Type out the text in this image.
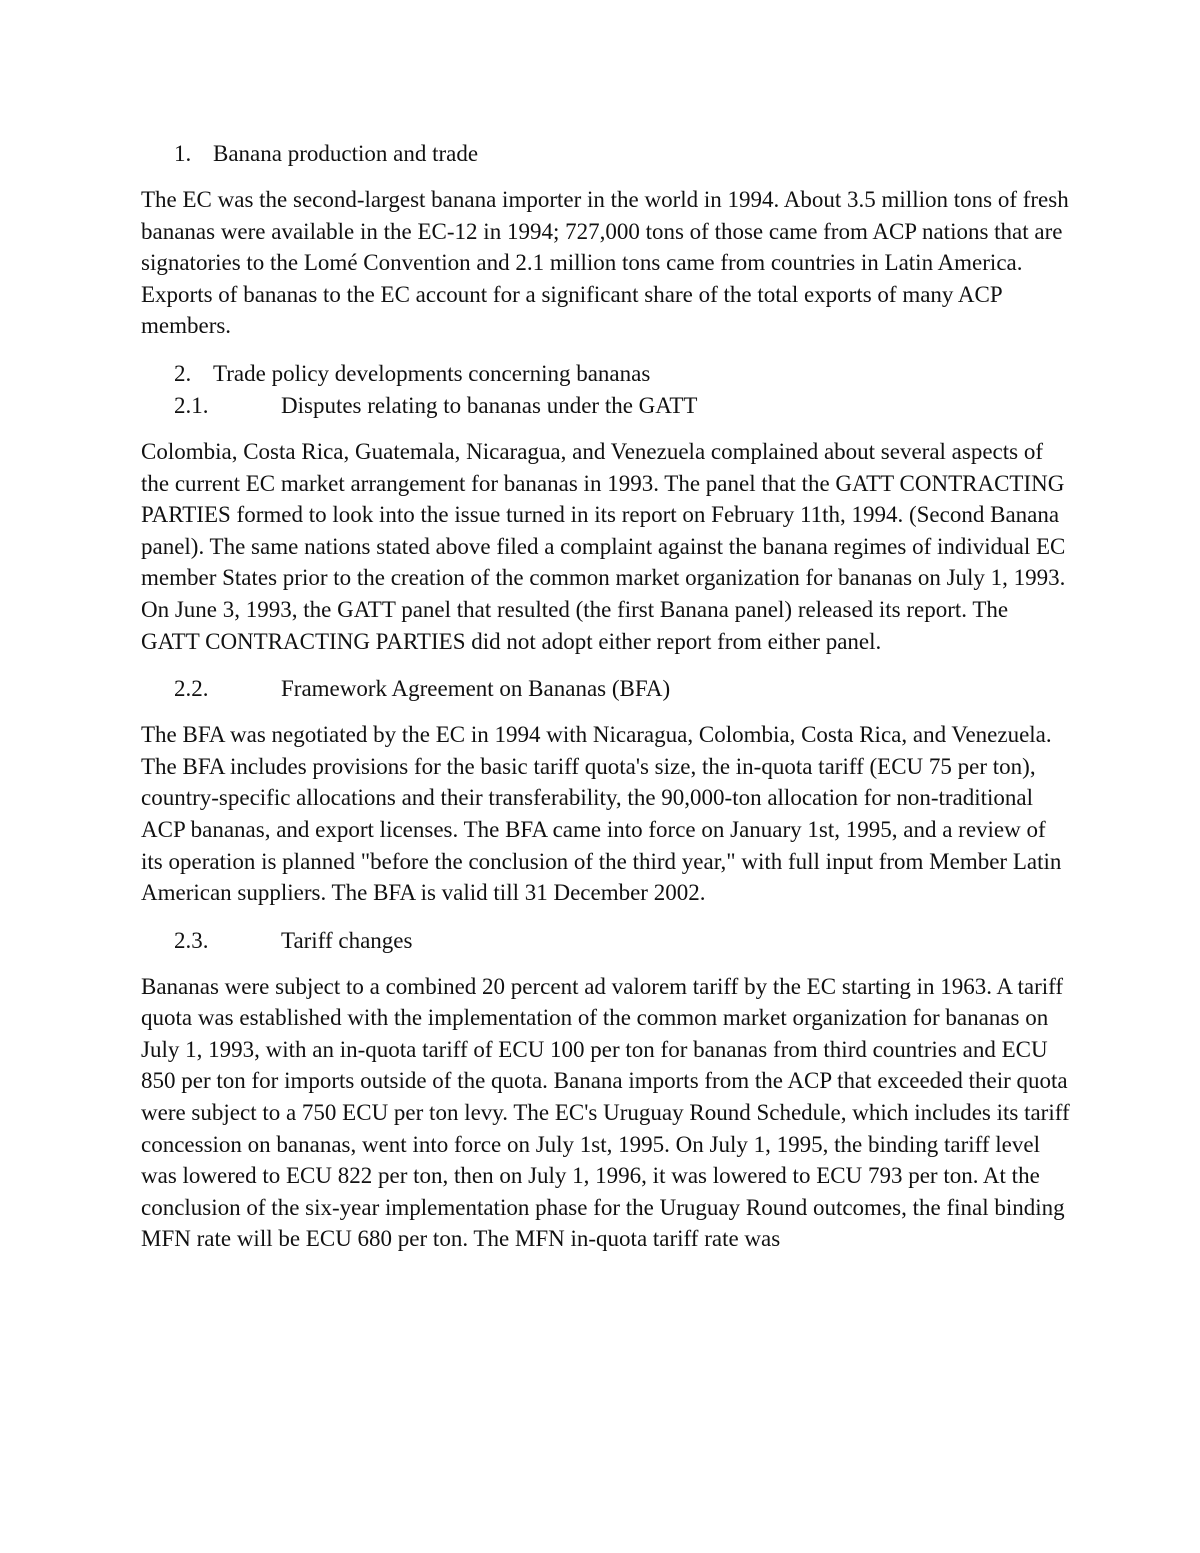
1. Banana production and trade

The EC was the second-largest banana importer in the world in 1994. About 3.5 million tons of fresh bananas were available in the EC-12 in 1994; 727,000 tons of those came from ACP nations that are signatories to the Lomé Convention and 2.1 million tons came from countries in Latin America. Exports of bananas to the EC account for a significant share of the total exports of many ACP members.

2. Trade policy developments concerning bananas
2.1.	Disputes relating to bananas under the GATT

Colombia, Costa Rica, Guatemala, Nicaragua, and Venezuela complained about several aspects of the current EC market arrangement for bananas in 1993. The panel that the GATT CONTRACTING PARTIES formed to look into the issue turned in its report on February 11th, 1994. (Second Banana panel). The same nations stated above filed a complaint against the banana regimes of individual EC member States prior to the creation of the common market organization for bananas on July 1, 1993. On June 3, 1993, the GATT panel that resulted (the first Banana panel) released its report. The GATT CONTRACTING PARTIES did not adopt either report from either panel.

2.2.	Framework Agreement on Bananas (BFA)

The BFA was negotiated by the EC in 1994 with Nicaragua, Colombia, Costa Rica, and Venezuela. The BFA includes provisions for the basic tariff quota's size, the in-quota tariff (ECU 75 per ton), country-specific allocations and their transferability, the 90,000-ton allocation for non-traditional ACP bananas, and export licenses. The BFA came into force on January 1st, 1995, and a review of its operation is planned "before the conclusion of the third year," with full input from Member Latin American suppliers. The BFA is valid till 31 December 2002.

2.3.	Tariff changes

Bananas were subject to a combined 20 percent ad valorem tariff by the EC starting in 1963. A tariff quota was established with the implementation of the common market organization for bananas on July 1, 1993, with an in-quota tariff of ECU 100 per ton for bananas from third countries and ECU 850 per ton for imports outside of the quota. Banana imports from the ACP that exceeded their quota were subject to a 750 ECU per ton levy. The EC's Uruguay Round Schedule, which includes its tariff concession on bananas, went into force on July 1st, 1995. On July 1, 1995, the binding tariff level was lowered to ECU 822 per ton, then on July 1, 1996, it was lowered to ECU 793 per ton. At the conclusion of the six-year implementation phase for the Uruguay Round outcomes, the final binding MFN rate will be ECU 680 per ton. The MFN in-quota tariff rate was
